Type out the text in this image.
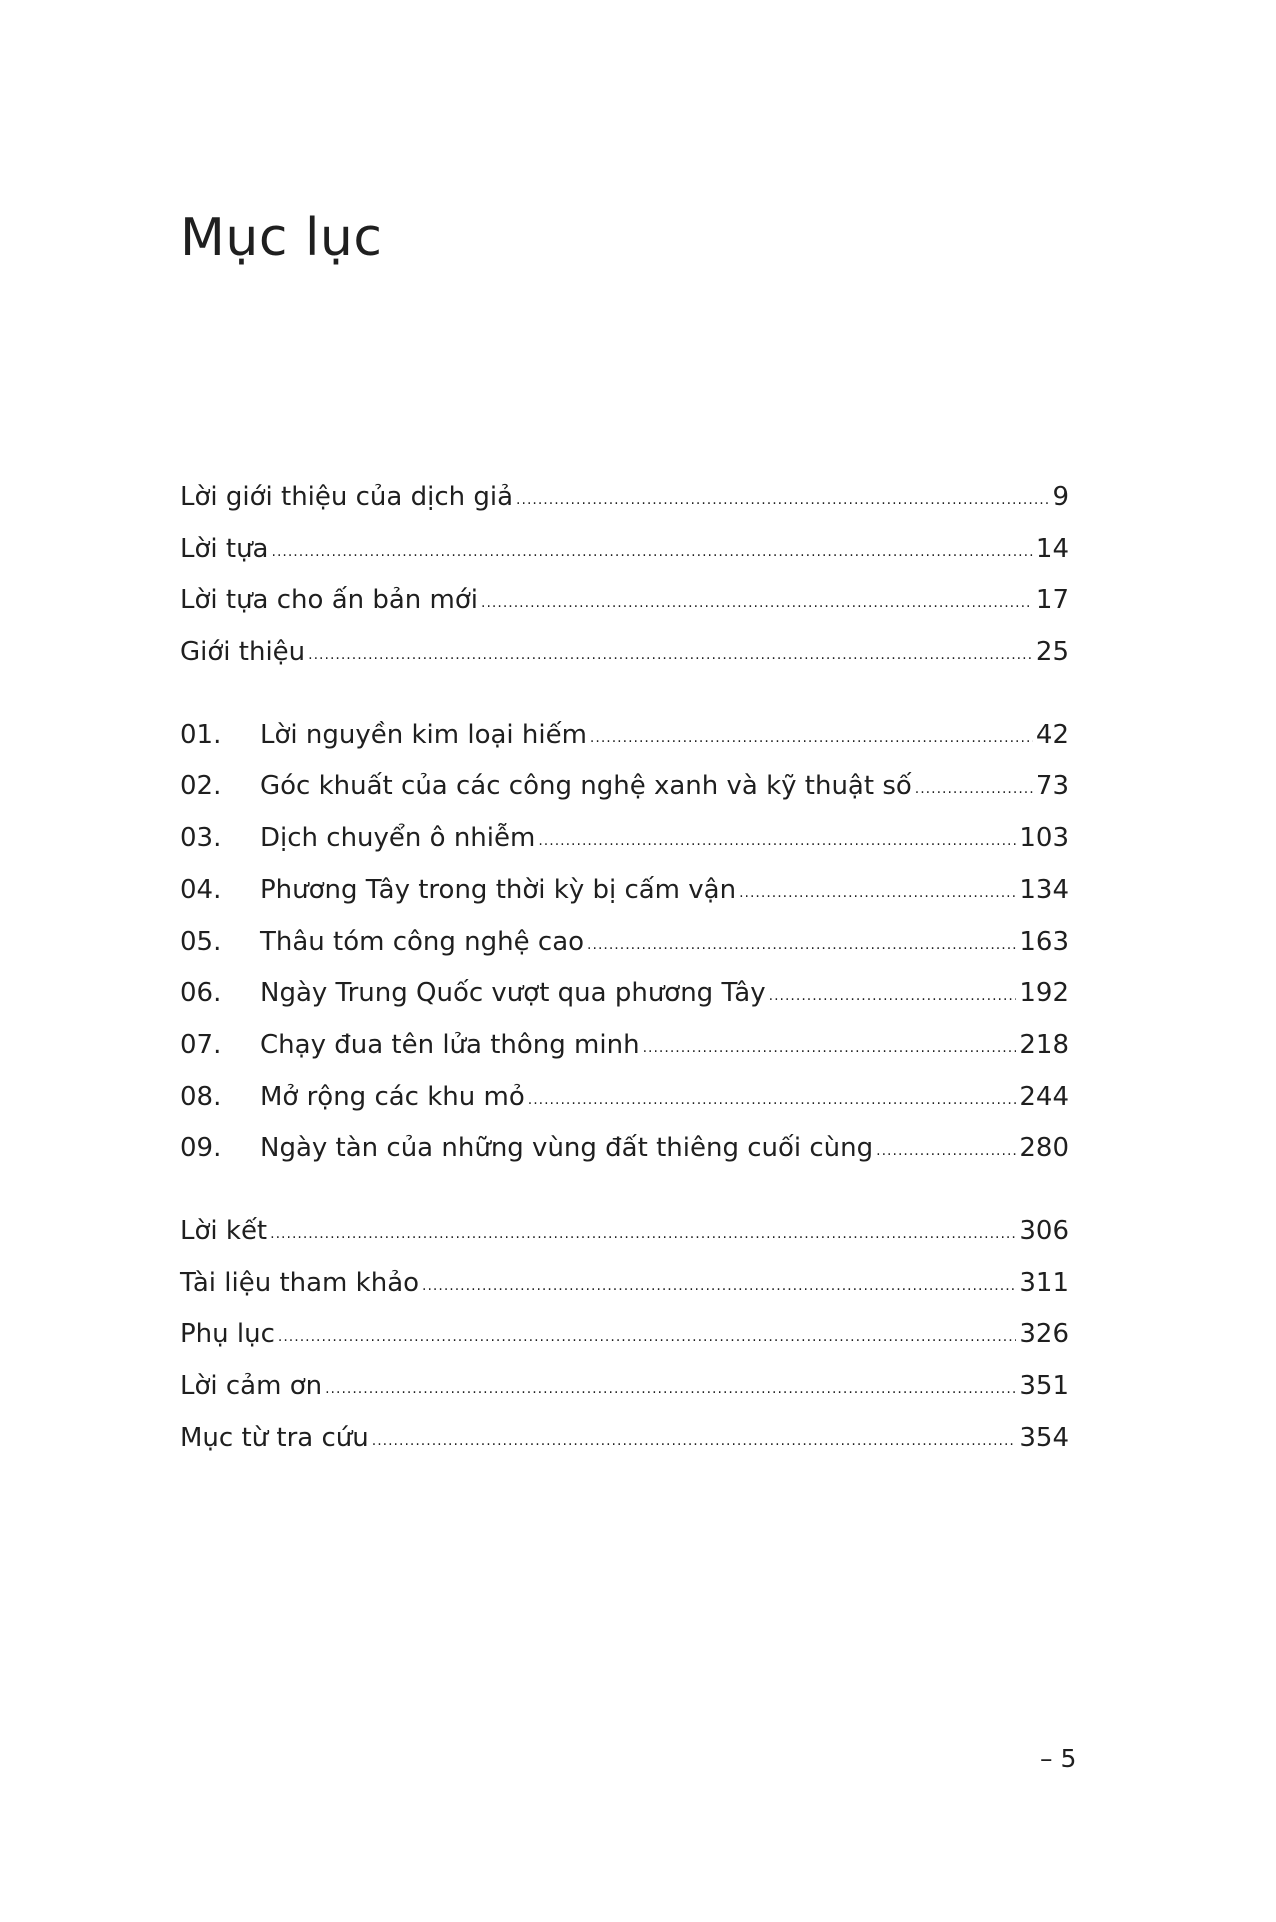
Mục lục
Lời giới thiệu của dịch giả .....	9
Lời tựa .....	14
Lời tựa cho ấn bản mới .....	17
Giới thiệu .....	25
01.	Lời nguyền kim loại hiếm .....	42
02.	Góc khuất của các công nghệ xanh và kỹ thuật số .....	73
03.	Dịch chuyển ô nhiễm .....	103
04.	Phương Tây trong thời kỳ bị cấm vận .....	134
05.	Thâu tóm công nghệ cao .....	163
06.	Ngày Trung Quốc vượt qua phương Tây .....	192
07.	Chạy đua tên lửa thông minh .....	218
08.	Mở rộng các khu mỏ .....	244
09.	Ngày tàn của những vùng đất thiêng cuối cùng .....	280
Lời kết .....	306
Tài liệu tham khảo .....	311
Phụ lục .....	326
Lời cảm ơn .....	351
Mục từ tra cứu .....	354
– 5
